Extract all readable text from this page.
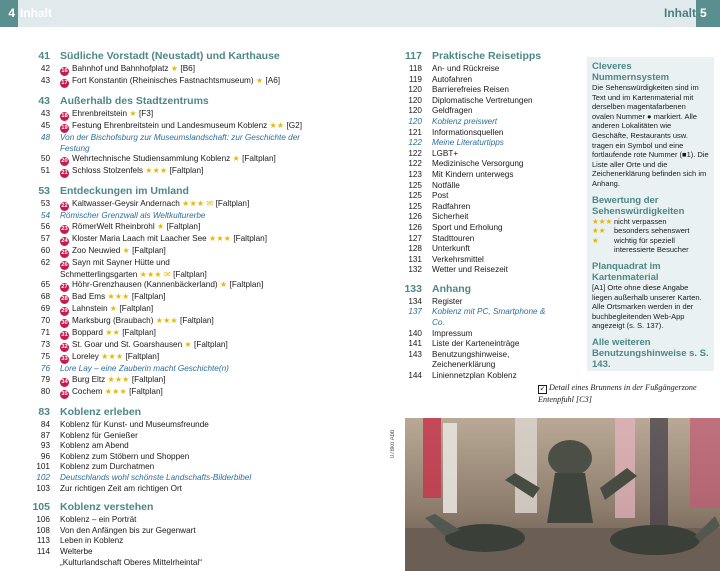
4 Inhalt	Inhalt 5
41 Südliche Vorstadt (Neustadt) und Karthause
42 16 Bahnhof und Bahnhofplatz ★ [B6]
43 17 Fort Konstantin (Rheinisches Fastnachtsmuseum) ★ [A6]
43 Außerhalb des Stadtzentrums
43 18 Ehrenbreitstein ★ [F3]
45 19 Festung Ehrenbreitstein und Landesmuseum Koblenz ★★ [G2]
48 Von der Bischofsburg zur Museumslandschaft: zur Geschichte der Festung
50 20 Wehrtechnische Studiensammlung Koblenz ★ [Faltplan]
51 21 Schloss Stolzenfels ★★★ [Faltplan]
53 Entdeckungen im Umland
53 22 Kaltwasser-Geysir Andernach ★★★ ✉ [Faltplan]
54 Römischer Grenzwall als Weltkulturerbe
56 23 RömerWelt Rheinbrohl ★ [Faltplan]
57 24 Kloster Maria Laach mit Laacher See ★★★ [Faltplan]
60 25 Zoo Neuwied ★ [Faltplan]
62 26 Sayn mit Sayner Hütte und
Schmetterlingsgarten ★★★ ✉ [Faltplan]
65 27 Höhr-Grenzhausen (Kannenbäckerland) ★ [Faltplan]
68 28 Bad Ems ★★★ [Faltplan]
69 29 Lahnstein ★ [Faltplan]
70 30 Marksburg (Braubach) ★★★ [Faltplan]
71 31 Boppard ★★ [Faltplan]
73 32 St. Goar und St. Goarshausen ★ [Faltplan]
75 33 Loreley ★★★ [Faltplan]
76 Lore Lay – eine Zauberin macht Geschichte(n)
79 34 Burg Eltz ★★★ [Faltplan]
80 35 Cochem ★★★ [Faltplan]
83 Koblenz erleben
84 Koblenz für Kunst- und Museumsfreunde
87 Koblenz für Genießer
93 Koblenz am Abend
96 Koblenz zum Stöbern und Shoppen
101 Koblenz zum Durchatmen
102 Deutschlands wohl schönste Landschafts-Bilderbibel
103 Zur richtigen Zeit am richtigen Ort
105 Koblenz verstehen
106 Koblenz – ein Porträt
108 Von den Anfängen bis zur Gegenwart
113 Leben in Koblenz
114 Welterbe
„Kulturlandschaft Oberes Mittelrheintal“
117 Praktische Reisetipps
118 An- und Rückreise
119 Autofahren
120 Barrierefreies Reisen
120 Diplomatische Vertretungen
120 Geldfragen
120 Koblenz preiswert
121 Informationsquellen
122 Meine Literaturtipps
122 LGBT+
122 Medizinische Versorgung
123 Mit Kindern unterwegs
125 Notfälle
125 Post
125 Radfahren
126 Sicherheit
126 Sport und Erholung
127 Stadttouren
128 Unterkunft
131 Verkehrsmittel
132 Wetter und Reisezeit
133 Anhang
134 Register
137 Koblenz mit PC, Smartphone & Co.
140 Impressum
141 Liste der Karteneinträge
143 Benutzungshinweise,
Zeichenerklärung
144 Liniennetzplan Koblenz
Cleveres Nummernsystem
Die Sehenswürdigkeiten sind im Text und im Kartenmaterial mit derselben magentafarbenen ovalen Nummer ● markiert. Alle anderen Lokalitäten wie Geschäfte, Restaurants usw. tragen ein Symbol und eine fortlaufende rote Nummer (■1). Die Liste aller Orte und die Zeichenerklärung befinden sich im Anhang.
Bewertung der Sehenswürdigkeiten
★★★ nicht verpassen
★★	besonders sehenswert
★	wichtig für speziell interessierte Besucher
Planquadrat im Kartenmaterial
[A1] Orte ohne diese Angabe liegen außerhalb unserer Karten. Alle Ortsmarken werden in der buchbegleitenden Web-App angezeigt (s. S. 137).
Alle weiteren Benutzungshinweise s. S. 143.
↙ Detail eines Brunnens in der Fußgängerzone Entenpfuhl [C3]
078ko Abb
